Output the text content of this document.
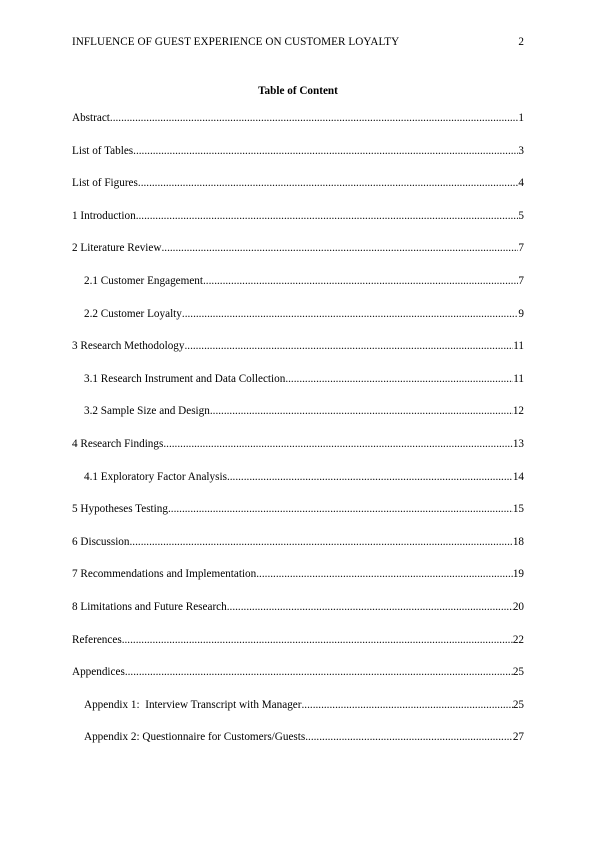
INFLUENCE OF GUEST EXPERIENCE ON CUSTOMER LOYALTY	2
Table of Content
Abstract .....	1
List of Tables .....	3
List of Figures .....	4
1 Introduction .....	5
2 Literature Review .....	7
2.1 Customer Engagement .....	7
2.2 Customer Loyalty .....	9
3 Research Methodology .....	11
3.1 Research Instrument and Data Collection .....	11
3.2 Sample Size and Design .....	12
4 Research Findings .....	13
4.1 Exploratory Factor Analysis .....	14
5 Hypotheses Testing .....	15
6 Discussion .....	18
7 Recommendations and Implementation .....	19
8 Limitations and Future Research .....	20
References .....	22
Appendices .....	25
Appendix 1:  Interview Transcript with Manager .....	25
Appendix 2: Questionnaire for Customers/Guests .....	27
